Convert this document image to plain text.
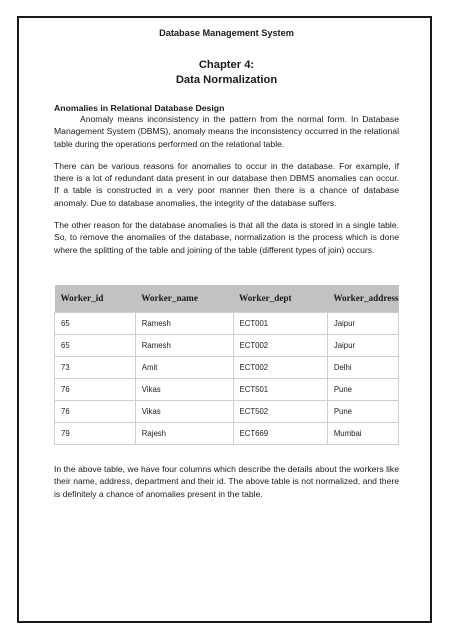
Database Management System
Chapter 4:
Data Normalization
Anomalies in Relational Database Design

Anomaly means inconsistency in the pattern from the normal form. In Database Management System (DBMS), anomaly means the inconsistency occurred in the relational table during the operations performed on the relational table.

There can be various reasons for anomalies to occur in the database. For example, if there is a lot of redundant data present in our database then DBMS anomalies can occur. If a table is constructed in a very poor manner then there is a chance of database anomaly. Due to database anomalies, the integrity of the database suffers.

The other reason for the database anomalies is that all the data is stored in a single table. So, to remove the anomalies of the database, normalization is the process which is done where the splitting of the table and joining of the table (different types of join) occurs.

Worker_id	Worker_name	Worker_dept	Worker_address
65	Ramesh	ECT001	Jaipur
65	Ramesh	ECT002	Jaipur
73	Amit	ECT002	Delhi
76	Vikas	ECT501	Pune
76	Vikas	ECT502	Pune
79	Rajesh	ECT669	Mumbai

In the above table, we have four columns which describe the details about the workers like their name, address, department and their id. The above table is not normalized, and there is definitely a chance of anomalies present in the table.
